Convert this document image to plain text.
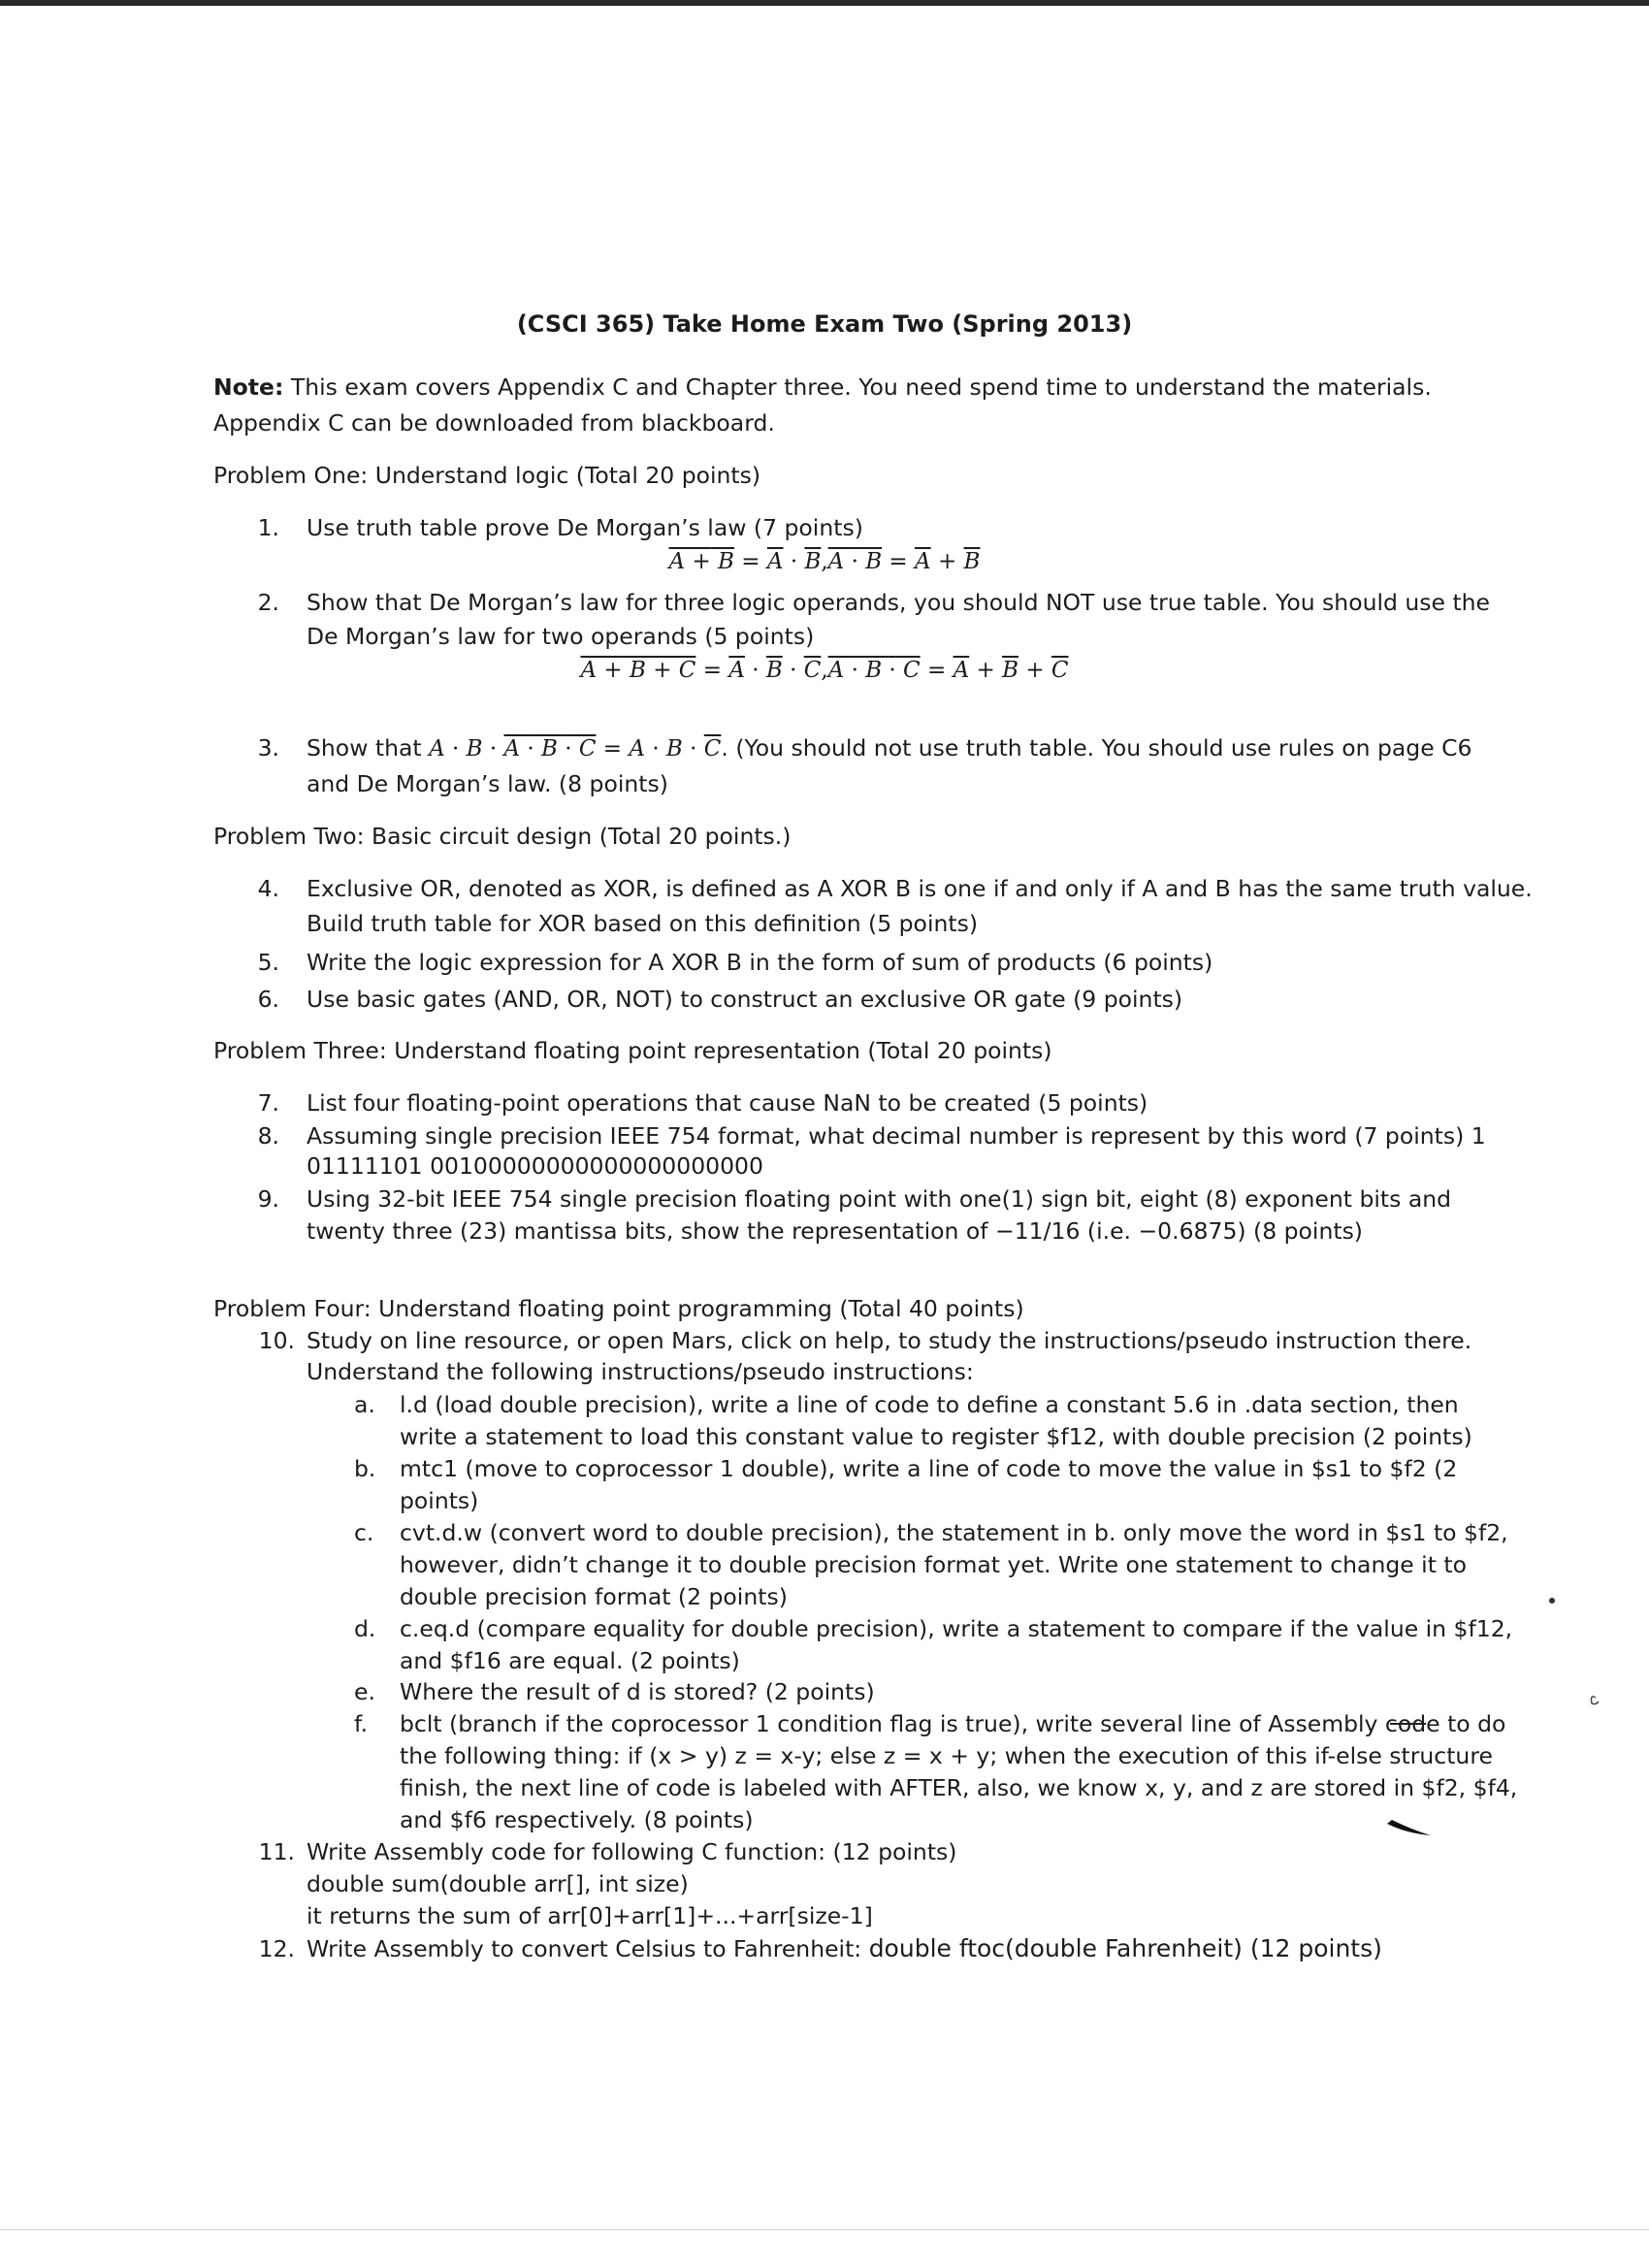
(CSCI 365) Take Home Exam Two (Spring 2013)
Note: This exam covers Appendix C and Chapter three. You need spend time to understand the materials.
Appendix C can be downloaded from blackboard.
Problem One: Understand logic (Total 20 points)
1. Use truth table prove De Morgan’s law (7 points)
$A + B = \overline{A} \cdot \overline{B},A \cdot B = \overline{A} + \overline{B}$
2. Show that De Morgan’s law for three logic operands, you should NOT use true table. You should use the
De Morgan’s law for two operands (5 points)
$A + B + C = \overline{A} \cdot \overline{B} \cdot \overline{C},A \cdot B \cdot C = \overline{A} + \overline{B} + \overline{C}$
3. Show that $A \cdot B \cdot A \cdot B \cdot C = A \cdot B \cdot \overline{C}$. (You should not use truth table. You should use rules on page C6
and De Morgan’s law. (8 points)
Problem Two: Basic circuit design (Total 20 points.)
4. Exclusive OR, denoted as XOR, is defined as A XOR B is one if and only if A and B has the same truth value.
Build truth table for XOR based on this definition (5 points)
5. Write the logic expression for A XOR B in the form of sum of products (6 points)
6. Use basic gates (AND, OR, NOT) to construct an exclusive OR gate (9 points)
Problem Three: Understand floating point representation (Total 20 points)
7. List four floating-point operations that cause NaN to be created (5 points)
8. Assuming single precision IEEE 754 format, what decimal number is represent by this word (7 points) 1
01111101 00100000000000000000000
9. Using 32-bit IEEE 754 single precision floating point with one(1) sign bit, eight (8) exponent bits and
twenty three (23) mantissa bits, show the representation of −11/16 (i.e. −0.6875) (8 points)
Problem Four: Understand floating point programming (Total 40 points)
10. Study on line resource, or open Mars, click on help, to study the instructions/pseudo instruction there.
Understand the following instructions/pseudo instructions:
a. l.d (load double precision), write a line of code to define a constant 5.6 in .data section, then
write a statement to load this constant value to register $f12, with double precision (2 points)
b. mtc1 (move to coprocessor 1 double), write a line of code to move the value in $s1 to $f2 (2
points)
c. cvt.d.w (convert word to double precision), the statement in b. only move the word in $s1 to $f2,
however, didn’t change it to double precision format yet. Write one statement to change it to
double precision format (2 points)
d. c.eq.d (compare equality for double precision), write a statement to compare if the value in $f12,
and $f16 are equal. (2 points)
e. Where the result of d is stored? (2 points)
f. bclt (branch if the coprocessor 1 condition flag is true), write several line of Assembly code to do
the following thing: if (x > y) z = x-y; else z = x + y; when the execution of this if-else structure
finish, the next line of code is labeled with AFTER, also, we know x, y, and z are stored in $f2, $f4,
and $f6 respectively. (8 points)
11. Write Assembly code for following C function: (12 points)
double sum(double arr[], int size)
it returns the sum of arr[0]+arr[1]+...+arr[size-1]
12. Write Assembly to convert Celsius to Fahrenheit: double ftoc(double Fahrenheit) (12 points)
